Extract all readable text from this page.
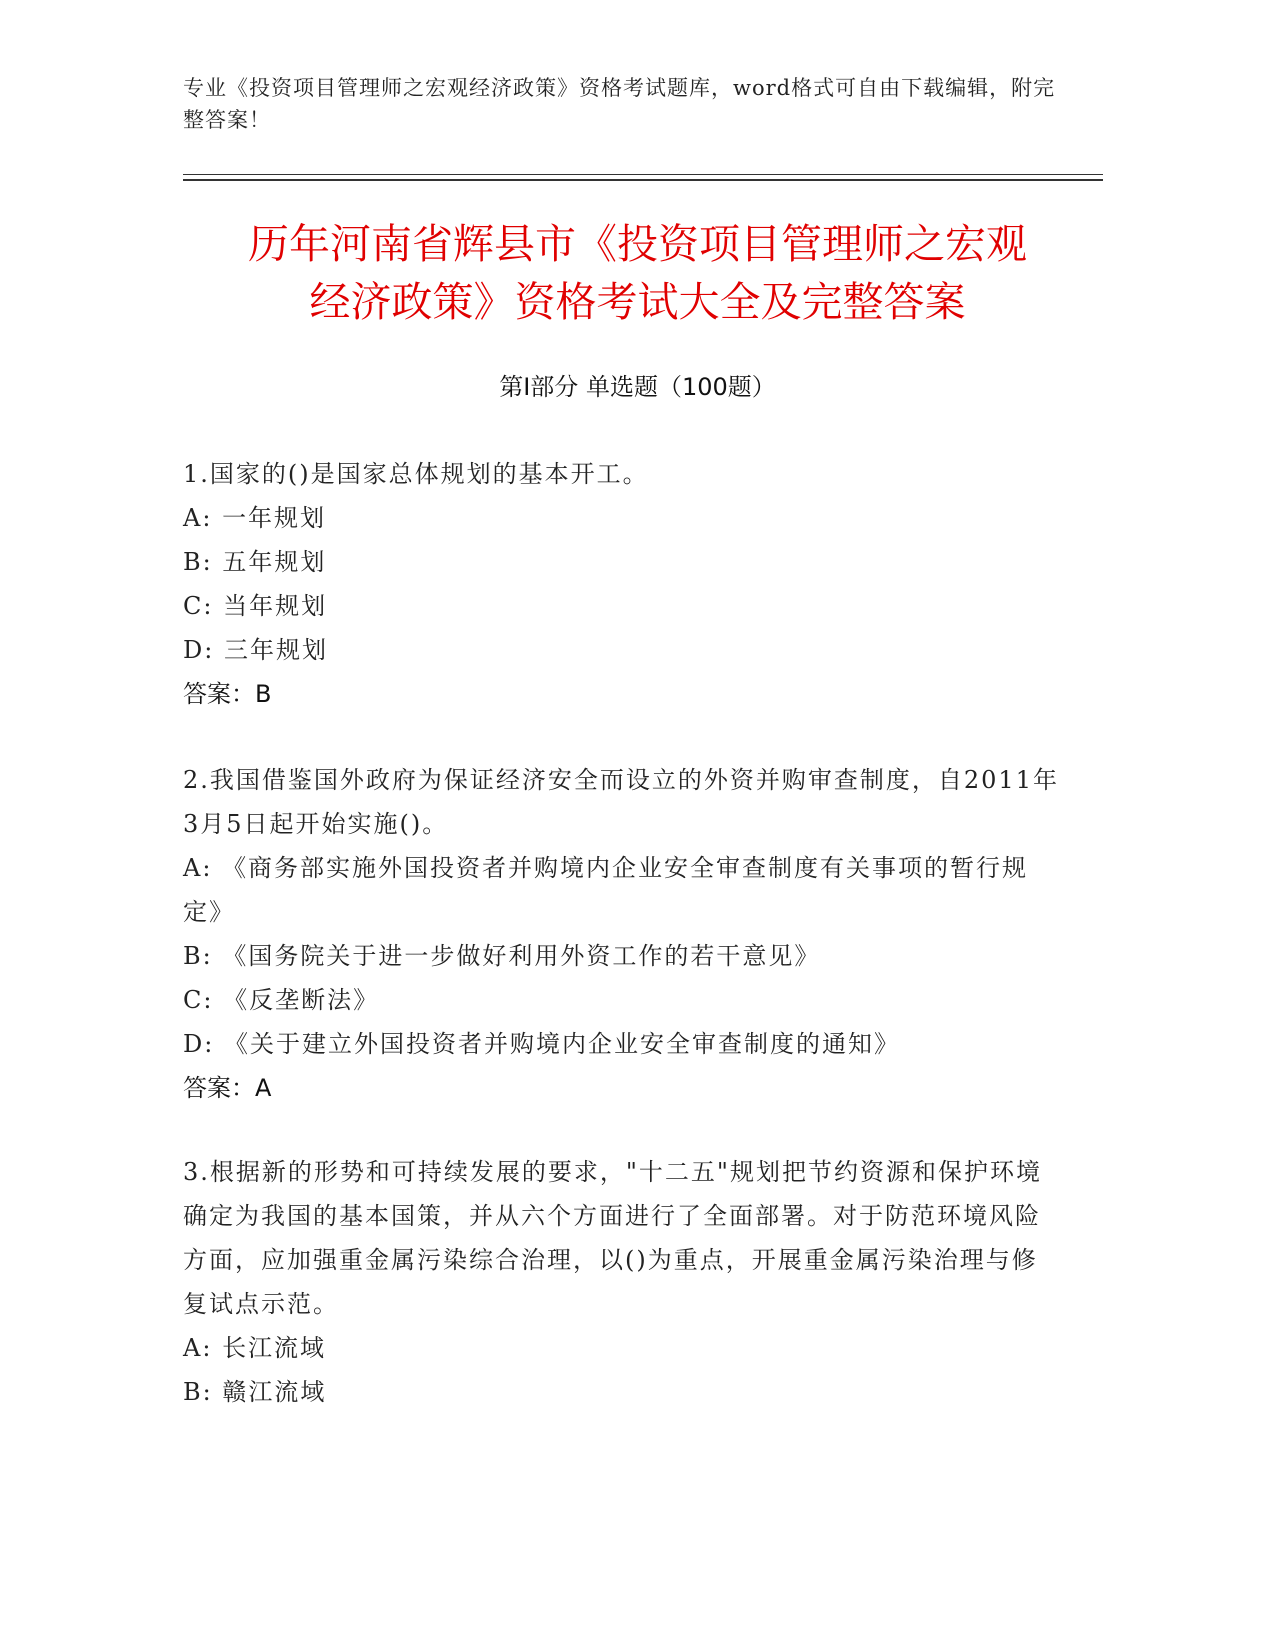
专业《投资项目管理师之宏观经济政策》资格考试题库，word格式可自由下载编辑，附完整答案！
历年河南省辉县市《投资项目管理师之宏观
经济政策》资格考试大全及完整答案
第Ⅰ部分 单选题（100题）

1.国家的()是国家总体规划的基本开工。

A: 一年规划

B: 五年规划

C: 当年规划

D: 三年规划

答案：B

2.我国借鉴国外政府为保证经济安全而设立的外资并购审查制度，自2011年3月5日起开始实施()。

A: 《商务部实施外国投资者并购境内企业安全审查制度有关事项的暂行规定》

B: 《国务院关于进一步做好利用外资工作的若干意见》

C: 《反垄断法》

D: 《关于建立外国投资者并购境内企业安全审查制度的通知》

答案：A

3.根据新的形势和可持续发展的要求，"十二五"规划把节约资源和保护环境确定为我国的基本国策，并从六个方面进行了全面部署。对于防范环境风险方面，应加强重金属污染综合治理，以()为重点，开展重金属污染治理与修复试点示范。

A: 长江流域

B: 赣江流域
